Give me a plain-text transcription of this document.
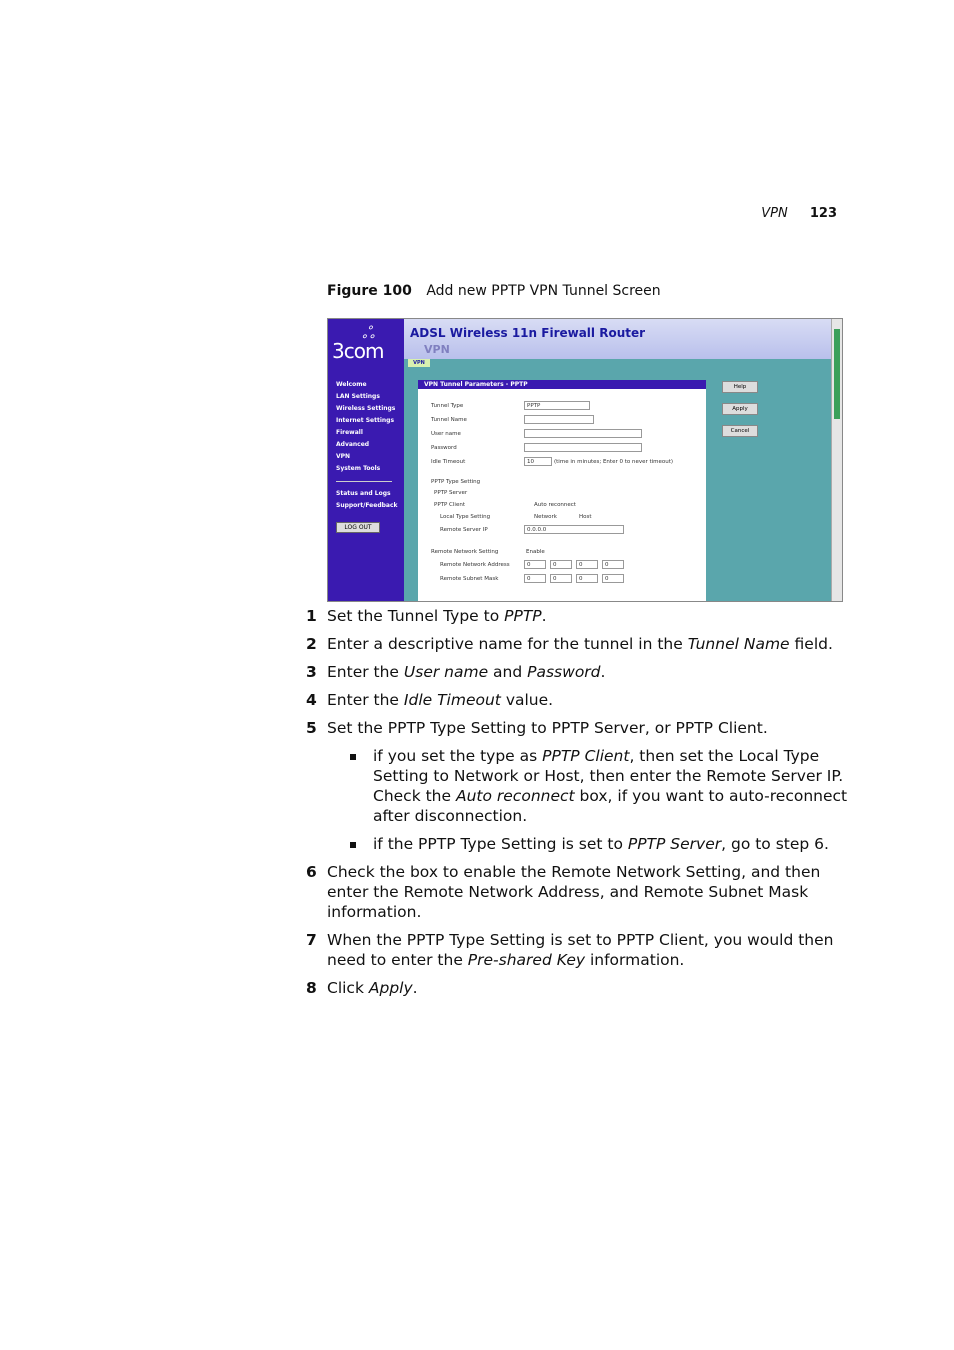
VPN 123
Figure 100 Add new PPTP VPN Tunnel Screen
ஃ
3com
Welcome
LAN Settings
Wireless Settings
Internet Settings
Firewall
Advanced
VPN
System Tools
Status and Logs
Support/Feedback
LOG OUT
ADSL Wireless 11n Firewall Router
VPN
VPN
VPN Tunnel Parameters - PPTP
Tunnel Type	PPTP
Tunnel Name
User name
Password
Idle Timeout	10	(time in minutes; Enter 0 to never timeout)
PPTP Type Setting
PPTP Server
PPTP Client	Auto reconnect
Local Type Setting	Network	Host
Remote Server IP	0.0.0.0
Remote Network Setting	Enable
Remote Network Address	0	0	0	0
Remote Subnet Mask	0	0	0	0
Help
Apply
Cancel
1 Set the Tunnel Type to PPTP.
2 Enter a descriptive name for the tunnel in the Tunnel Name field.
3 Enter the User name and Password.
4 Enter the Idle Timeout value.
5 Set the PPTP Type Setting to PPTP Server, or PPTP Client.
if you set the type as PPTP Client, then set the Local Type Setting to Network or Host, then enter the Remote Server IP. Check the Auto reconnect box, if you want to auto-reconnect after disconnection.
if the PPTP Type Setting is set to PPTP Server, go to step 6.
6 Check the box to enable the Remote Network Setting, and then enter the Remote Network Address, and Remote Subnet Mask information.
7 When the PPTP Type Setting is set to PPTP Client, you would then need to enter the Pre-shared Key information.
8 Click Apply.
